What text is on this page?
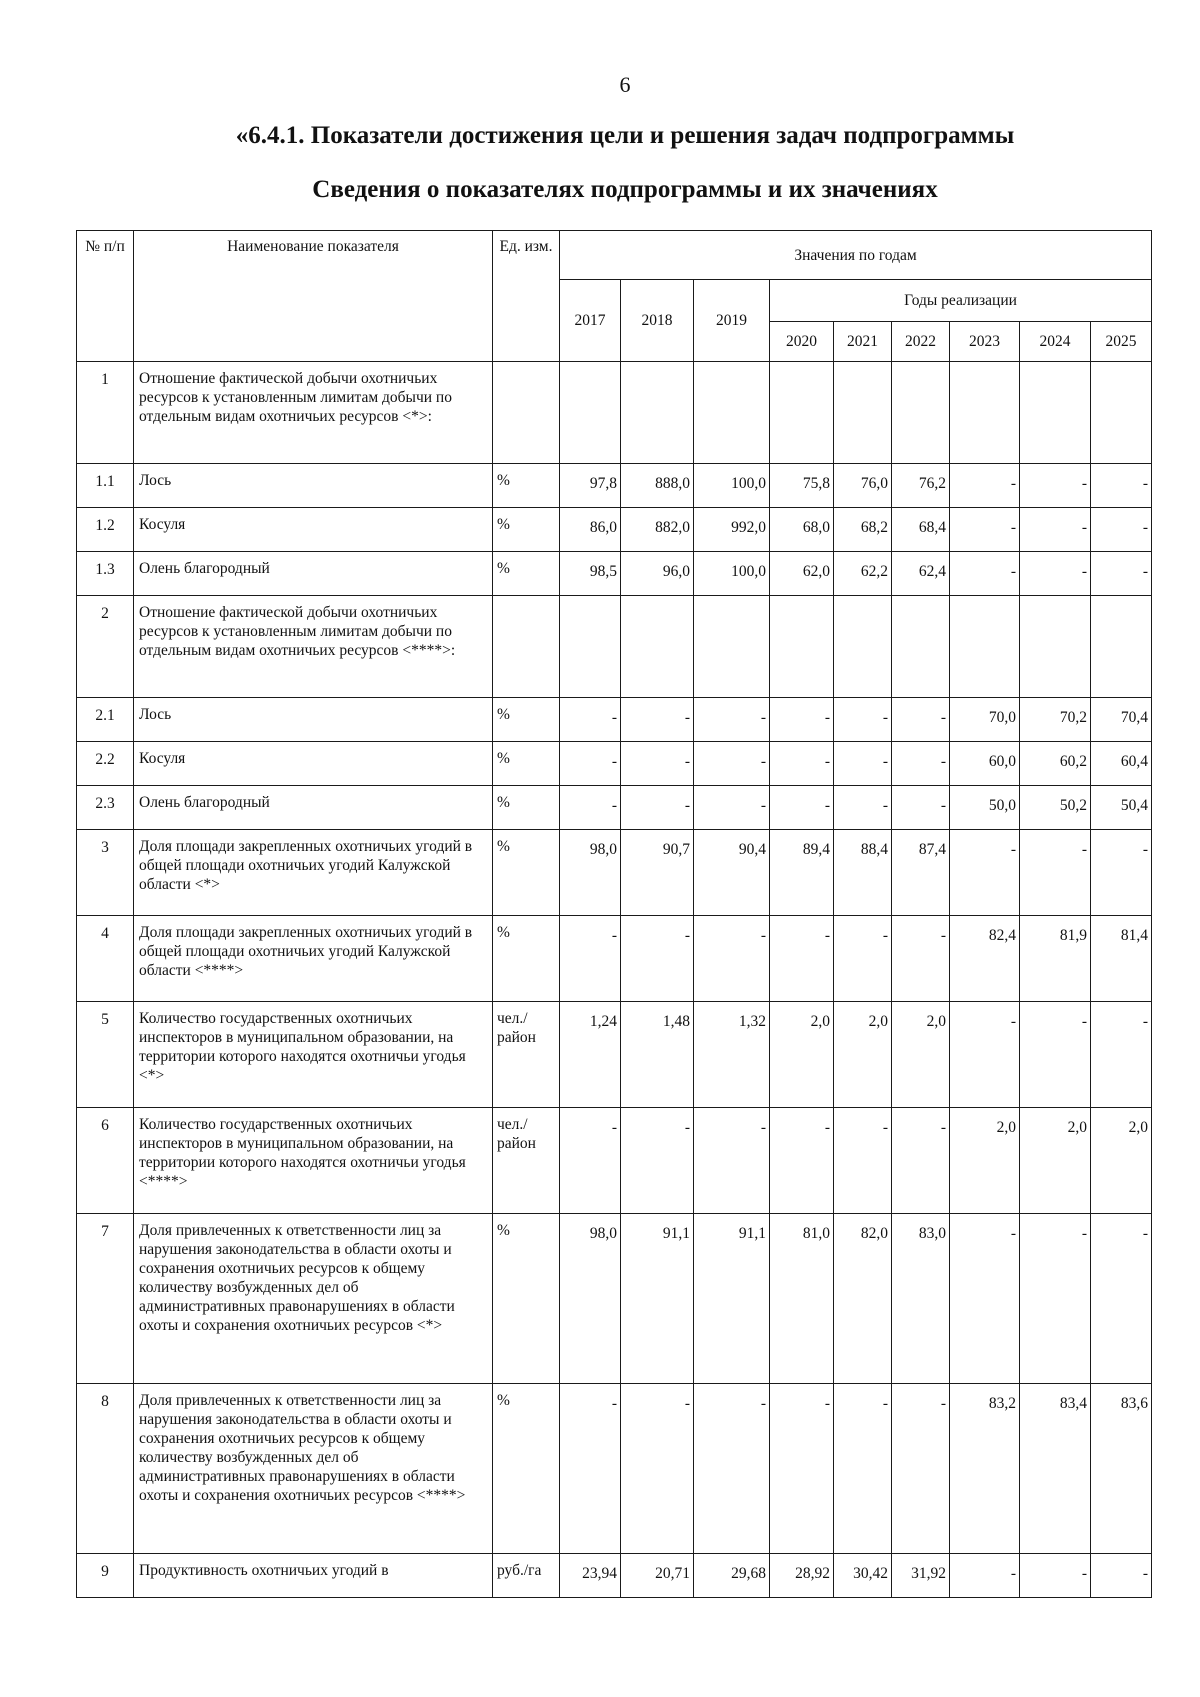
6
«6.4.1. Показатели достижения цели и решения задач подпрограммы
Сведения о показателях подпрограммы и их значениях
№ п/п	Наименование показателя	Ед. изм.	Значения по годам								
			2017	2018	2019	Годы реализации					
						2020	2021	2022	2023	2024	2025
1	Отношение фактической добычи охотничьих ресурсов к установленным лимитам добычи по отдельным видам охотничьих ресурсов <*>:										
1.1	Лось	%	97,8	888,0	100,0	75,8	76,0	76,2	-	-	-
1.2	Косуля	%	86,0	882,0	992,0	68,0	68,2	68,4	-	-	-
1.3	Олень благородный	%	98,5	96,0	100,0	62,0	62,2	62,4	-	-	-
2	Отношение фактической добычи охотничьих ресурсов к установленным лимитам добычи по отдельным видам охотничьих ресурсов <****>:										
2.1	Лось	%	-	-	-	-	-	-	70,0	70,2	70,4
2.2	Косуля	%	-	-	-	-	-	-	60,0	60,2	60,4
2.3	Олень благородный	%	-	-	-	-	-	-	50,0	50,2	50,4
3	Доля площади закрепленных охотничьих угодий в общей площади охотничьих угодий Калужской области <*>	%	98,0	90,7	90,4	89,4	88,4	87,4	-	-	-
4	Доля площади закрепленных охотничьих угодий в общей площади охотничьих угодий Калужской области <****>	%	-	-	-	-	-	-	82,4	81,9	81,4
5	Количество государственных охотничьих инспекторов в муниципальном образовании, на территории которого находятся охотничьи угодья <*>	чел./ район	1,24	1,48	1,32	2,0	2,0	2,0	-	-	-
6	Количество государственных охотничьих инспекторов в муниципальном образовании, на территории которого находятся охотничьи угодья <****>	чел./ район	-	-	-	-	-	-	2,0	2,0	2,0
7	Доля привлеченных к ответственности лиц за нарушения законодательства в области охоты и сохранения охотничьих ресурсов к общему количеству возбужденных дел об административных правонарушениях в области охоты и сохранения охотничьих ресурсов <*>	%	98,0	91,1	91,1	81,0	82,0	83,0	-	-	-
8	Доля привлеченных к ответственности лиц за нарушения законодательства в области охоты и сохранения охотничьих ресурсов к общему количеству возбужденных дел об административных правонарушениях в области охоты и сохранения охотничьих ресурсов <****>	%	-	-	-	-	-	-	83,2	83,4	83,6
9	Продуктивность охотничьих угодий в	руб./га	23,94	20,71	29,68	28,92	30,42	31,92	-	-	-
